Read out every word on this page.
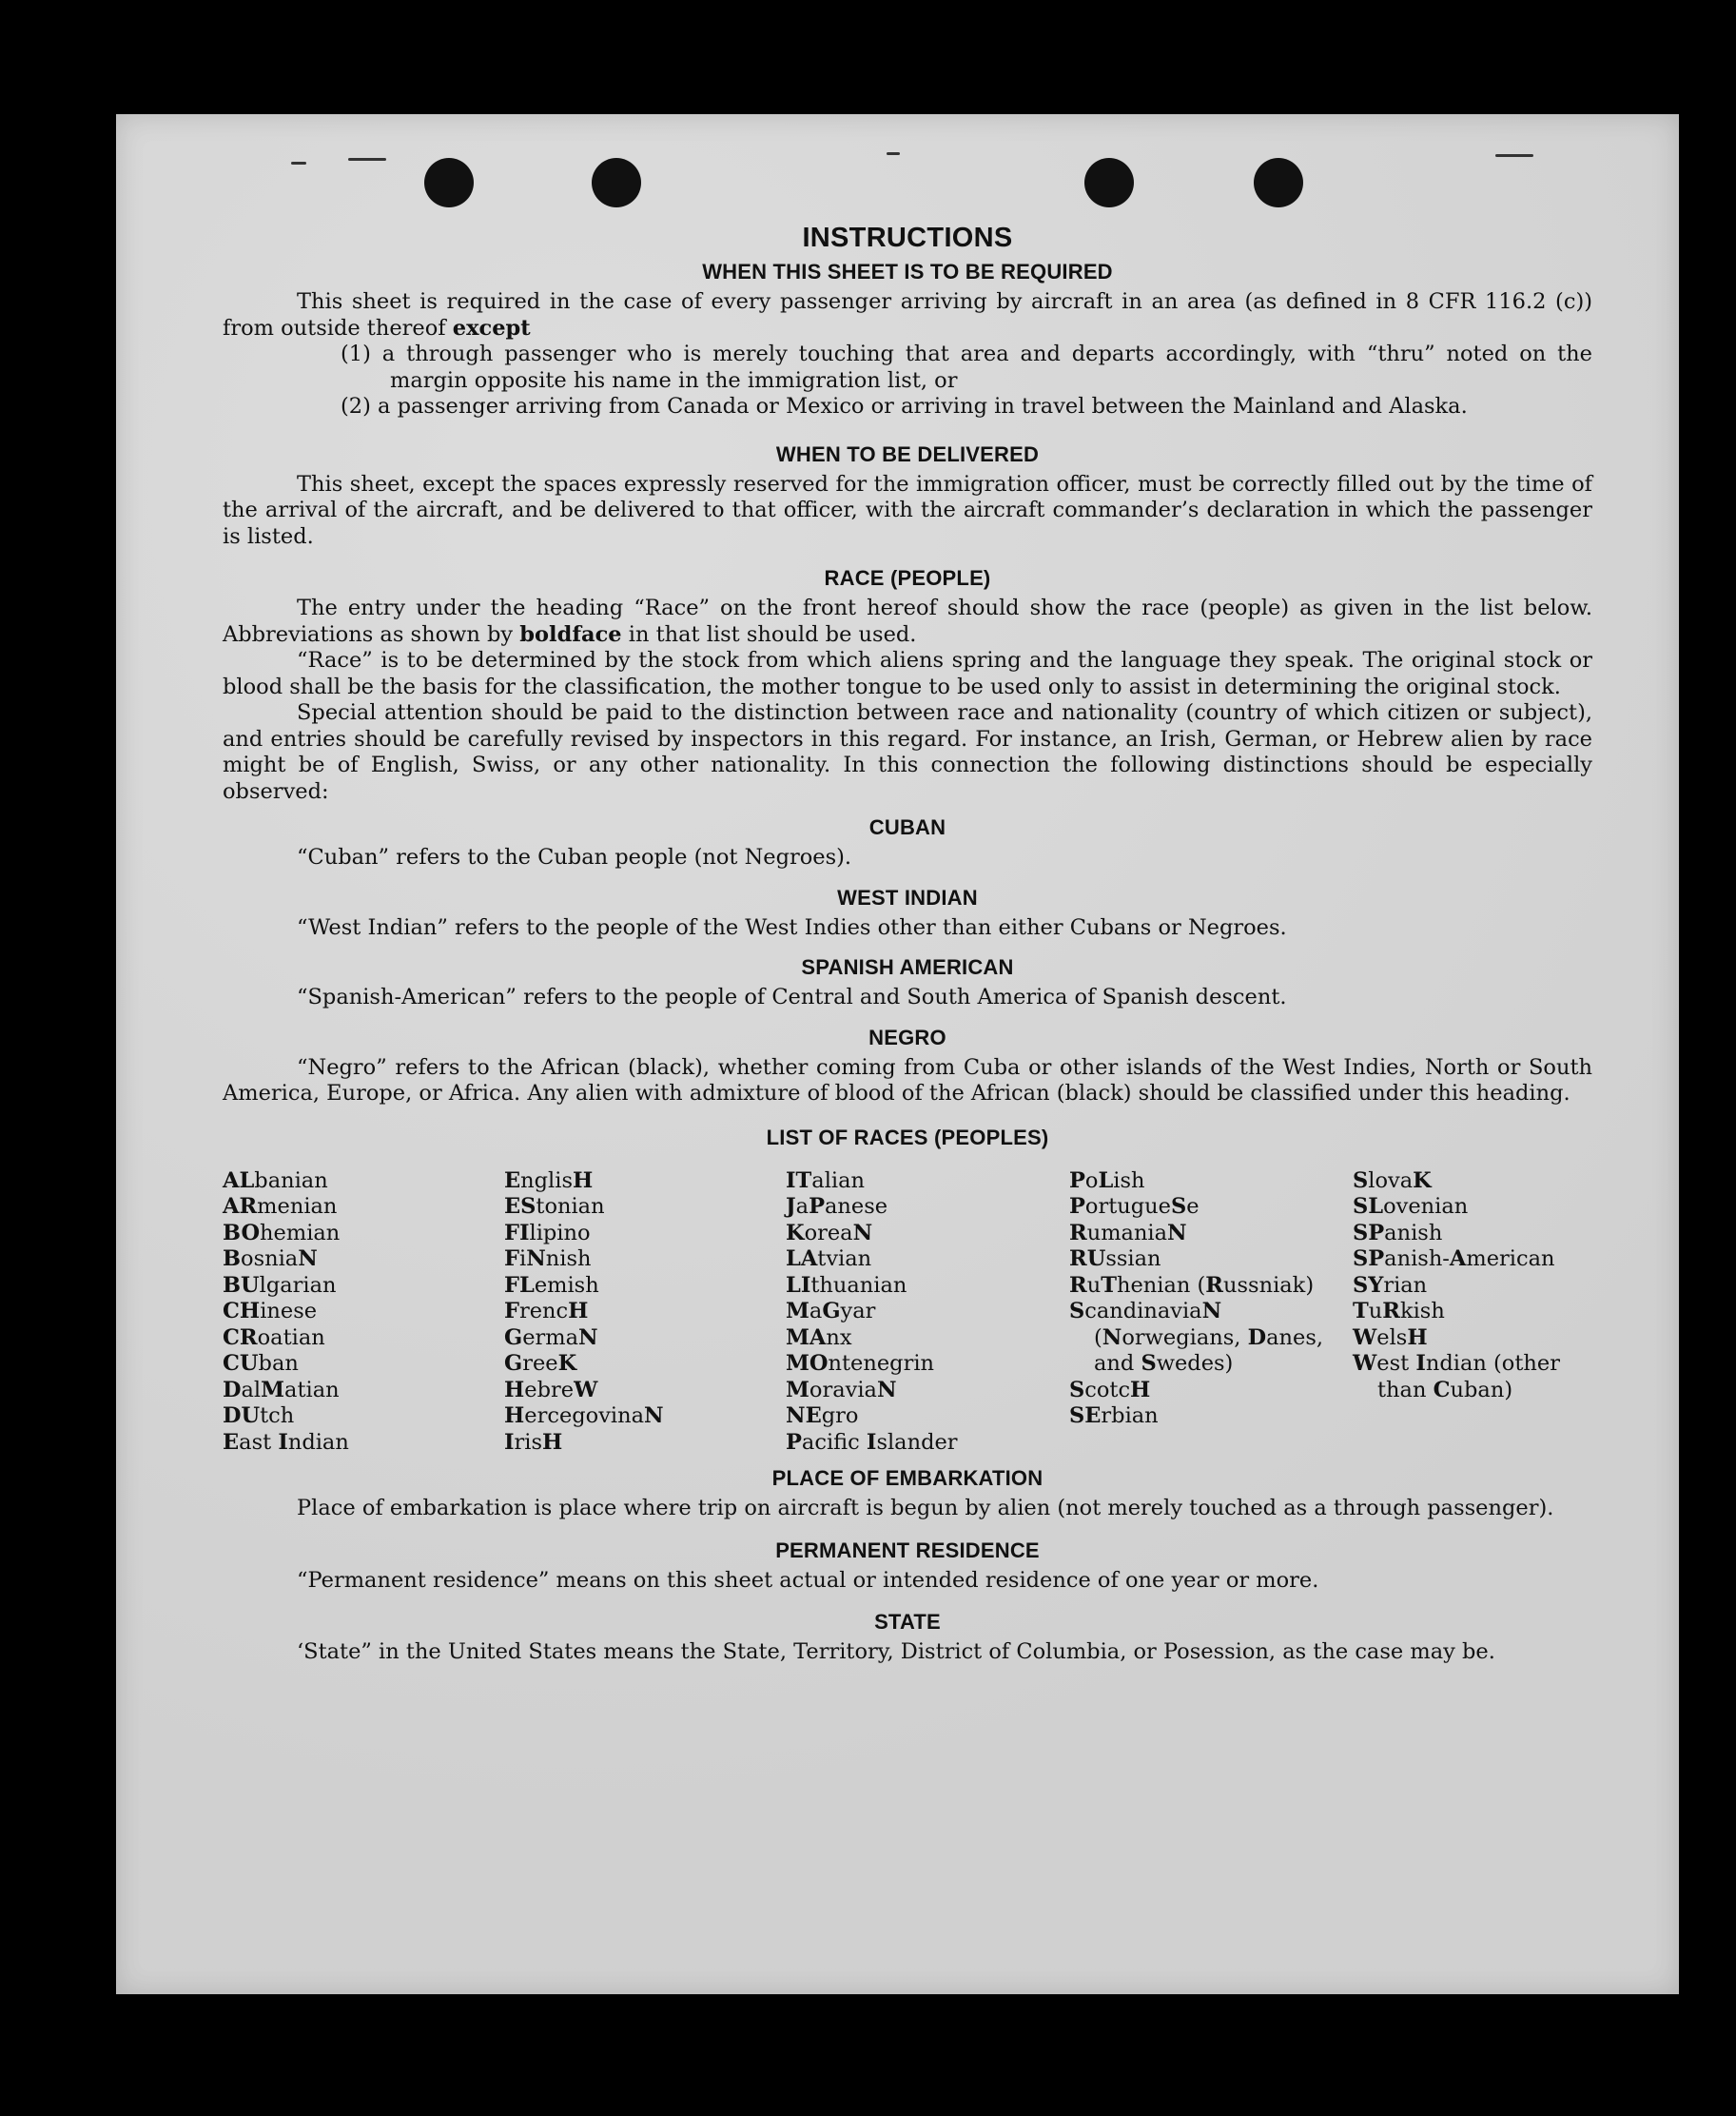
INSTRUCTIONS
WHEN THIS SHEET IS TO BE REQUIRED

This sheet is required in the case of every passenger arriving by aircraft in an area (as defined in 8 CFR 116.2 (c)) from outside thereof except

(1) a through passenger who is merely touching that area and departs accordingly, with “thru” noted on the margin opposite his name in the immigration list, or

(2) a passenger arriving from Canada or Mexico or arriving in travel between the Mainland and Alaska.

WHEN TO BE DELIVERED

This sheet, except the spaces expressly reserved for the immigration officer, must be correctly filled out by the time of the arrival of the aircraft, and be delivered to that officer, with the aircraft commander’s declaration in which the passenger is listed.

RACE (PEOPLE)

The entry under the heading “Race” on the front hereof should show the race (people) as given in the list below. Abbreviations as shown by boldface in that list should be used.

“Race” is to be determined by the stock from which aliens spring and the language they speak. The original stock or blood shall be the basis for the classification, the mother tongue to be used only to assist in determining the original stock.

Special attention should be paid to the distinction between race and nationality (country of which citizen or subject), and entries should be carefully revised by inspectors in this regard. For instance, an Irish, German, or Hebrew alien by race might be of English, Swiss, or any other nationality. In this connection the following distinctions should be especially observed:

CUBAN

“Cuban” refers to the Cuban people (not Negroes).

WEST INDIAN

“West Indian” refers to the people of the West Indies other than either Cubans or Negroes.

SPANISH AMERICAN

“Spanish-American” refers to the people of Central and South America of Spanish descent.

NEGRO

“Negro” refers to the African (black), whether coming from Cuba or other islands of the West Indies, North or South America, Europe, or Africa. Any alien with admixture of blood of the African (black) should be classified under this heading.

LIST OF RACES (PEOPLES)
ALbanian
ARmenian
BOhemian
BosniaN
BUlgarian
CHinese
CRoatian
CUban
DalMatian
DUtch
East Indian
EnglisH
EStonian
FIlipino
FiNnish
FLemish
FrencH
GermaN
GreeK
HebreW
HercegovinaN
IrisH
ITalian
JaPanese
KoreaN
LAtvian
LIthuanian
MaGyar
MAnx
MOntenegrin
MoraviaN
NEgro
Pacific Islander
PoLish
PortugueSe
RumaniaN
RUssian
RuThenian (Russniak)
ScandinaviaN (Norwegians, Danes, and Swedes)
ScotcH
SErbian
SlovaK
SLovenian
SPanish
SPanish-American
SYrian
TuRkish
WelsH
West Indian (other than Cuban)
PLACE OF EMBARKATION

Place of embarkation is place where trip on aircraft is begun by alien (not merely touched as a through passenger).

PERMANENT RESIDENCE

“Permanent residence” means on this sheet actual or intended residence of one year or more.

STATE

‘State” in the United States means the State, Territory, District of Columbia, or Posession, as the case may be.
